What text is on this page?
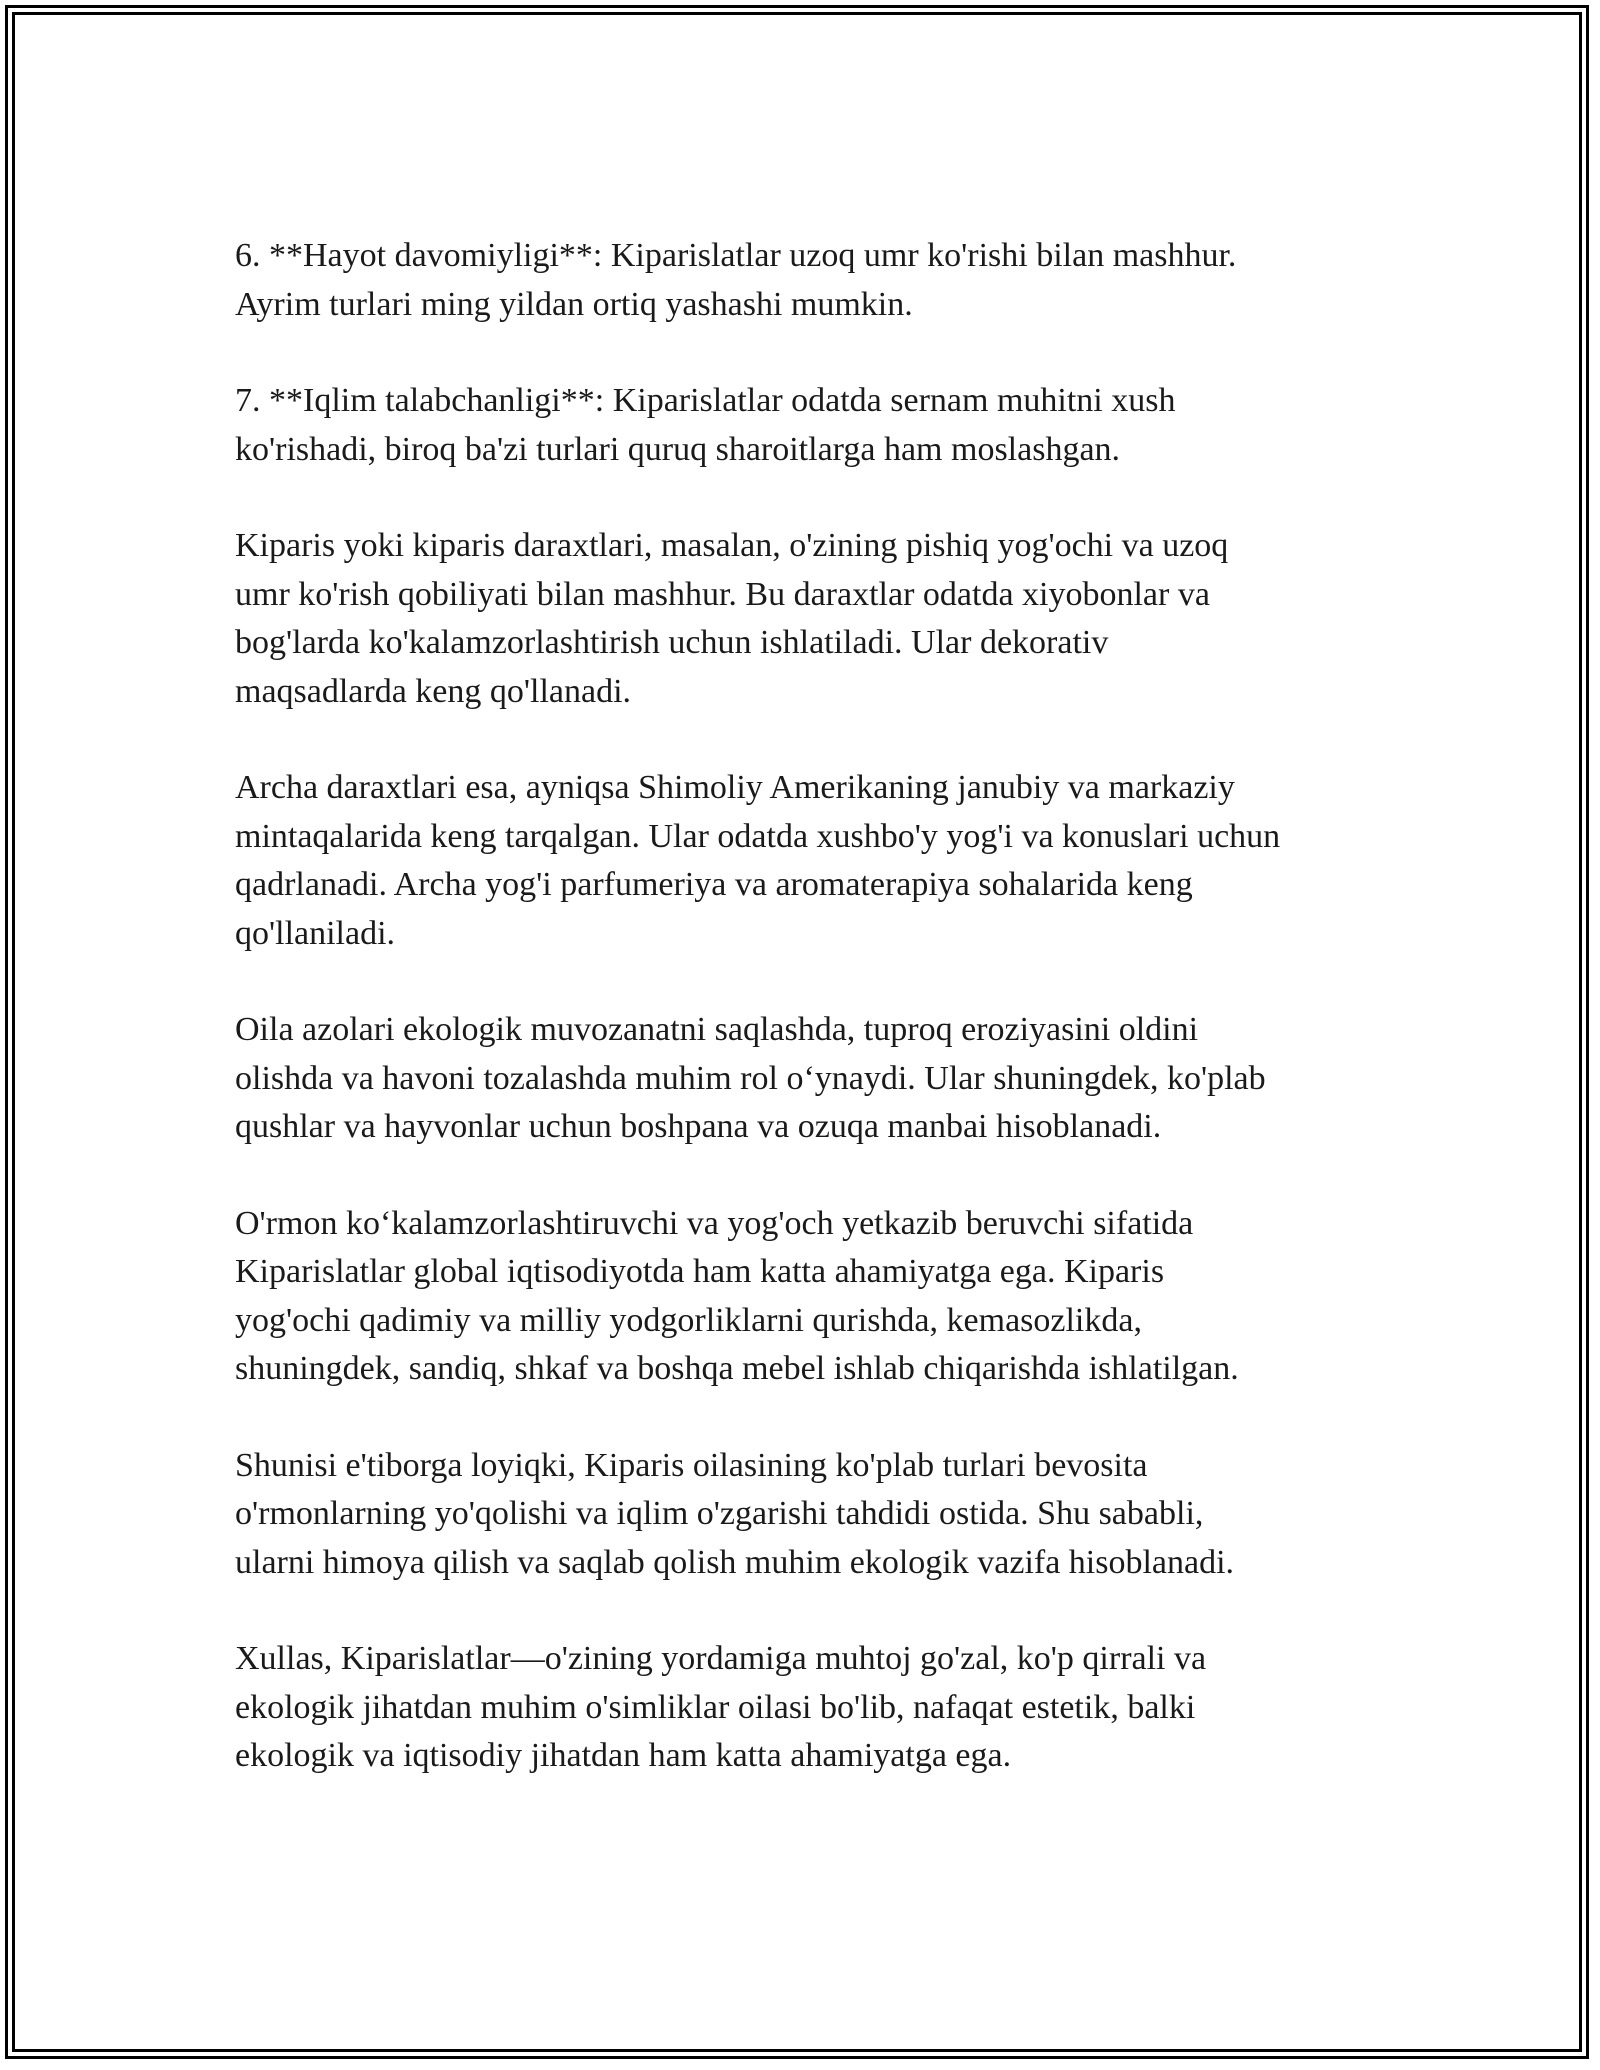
6. **Hayot davomiyligi**: Kiparislatlar uzoq umr ko'rishi bilan mashhur.
Ayrim turlari ming yildan ortiq yashashi mumkin.

7. **Iqlim talabchanligi**: Kiparislatlar odatda sernam muhitni xush
ko'rishadi, biroq ba'zi turlari quruq sharoitlarga ham moslashgan.

Kiparis yoki kiparis daraxtlari, masalan, o'zining pishiq yog'ochi va uzoq
umr ko'rish qobiliyati bilan mashhur. Bu daraxtlar odatda xiyobonlar va
bog'larda ko'kalamzorlashtirish uchun ishlatiladi. Ular dekorativ
maqsadlarda keng qo'llanadi.

Archa daraxtlari esa, ayniqsa Shimoliy Amerikaning janubiy va markaziy
mintaqalarida keng tarqalgan. Ular odatda xushbo'y yog'i va konuslari uchun
qadrlanadi. Archa yog'i parfumeriya va aromaterapiya sohalarida keng
qo'llaniladi.

Oila azolari ekologik muvozanatni saqlashda, tuproq eroziyasini oldini
olishda va havoni tozalashda muhim rol o‘ynaydi. Ular shuningdek, ko'plab
qushlar va hayvonlar uchun boshpana va ozuqa manbai hisoblanadi.

O'rmon ko‘kalamzorlashtiruvchi va yog'och yetkazib beruvchi sifatida
Kiparislatlar global iqtisodiyotda ham katta ahamiyatga ega. Kiparis
yog'ochi qadimiy va milliy yodgorliklarni qurishda, kemasozlikda,
shuningdek, sandiq, shkaf va boshqa mebel ishlab chiqarishda ishlatilgan.

Shunisi e'tiborga loyiqki, Kiparis oilasining ko'plab turlari bevosita
o'rmonlarning yo'qolishi va iqlim o'zgarishi tahdidi ostida. Shu sababli,
ularni himoya qilish va saqlab qolish muhim ekologik vazifa hisoblanadi.

Xullas, Kiparislatlar—o'zining yordamiga muhtoj go'zal, ko'p qirrali va
ekologik jihatdan muhim o'simliklar oilasi bo'lib, nafaqat estetik, balki
ekologik va iqtisodiy jihatdan ham katta ahamiyatga ega.
